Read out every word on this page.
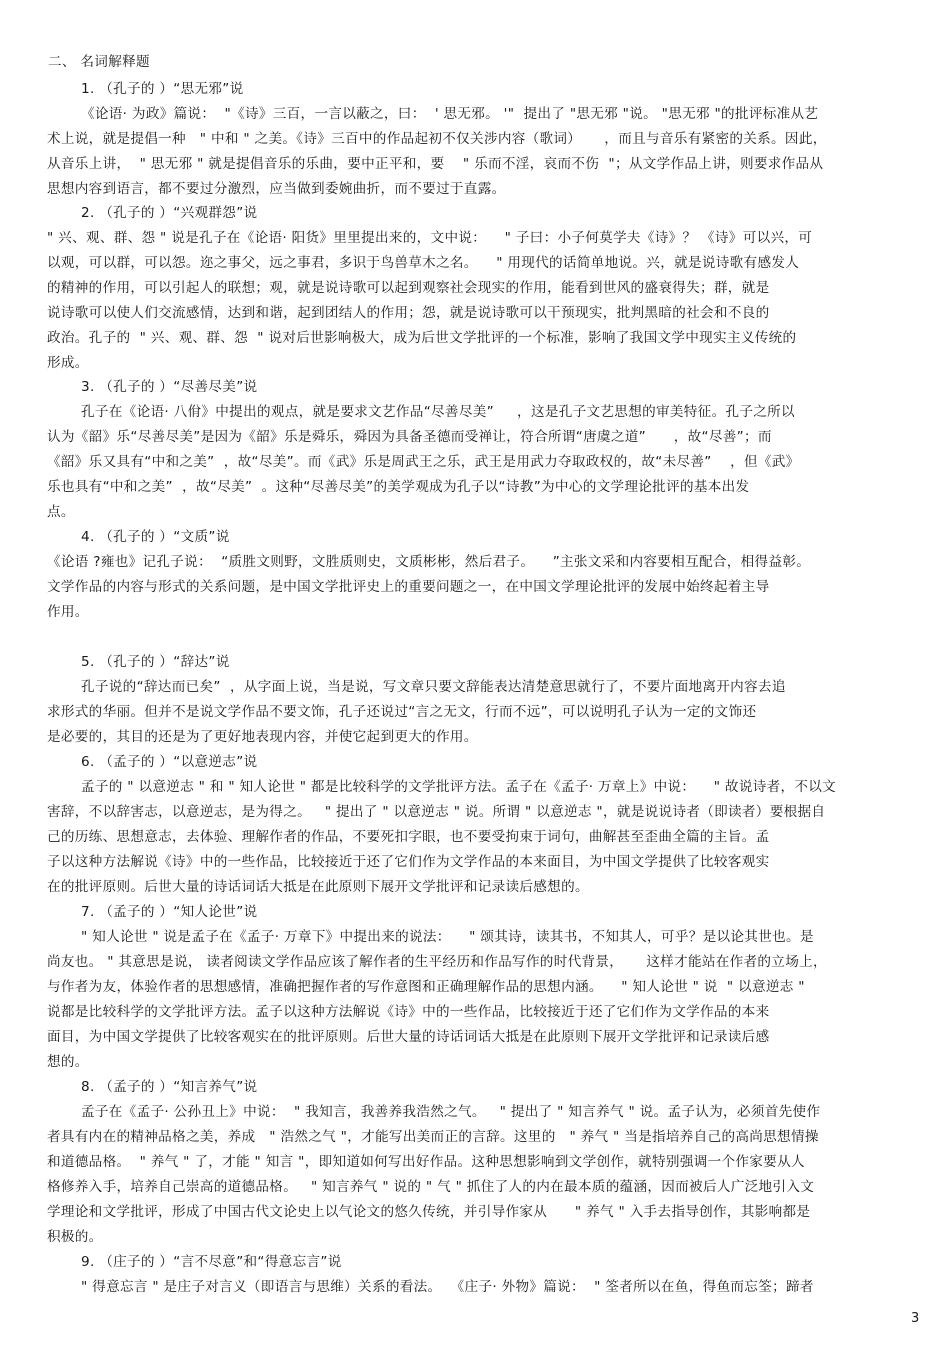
二、 名词解释题
1. （孔子的 ）“思无邪”说
《论语· 为政》篇说：  "《诗》三百，一言以蔽之，曰：  ' 思无邪。 '"  提出了 "思无邪 "说。 "思无邪 "的批评标准从艺
术上说，就是提倡一种   " 中和 " 之美。《诗》三百中的作品起初不仅关涉内容（歌词）     ，而且与音乐有紧密的关系。因此，
从音乐上讲，  " 思无邪 " 就是提倡音乐的乐曲，要中正平和，要    " 乐而不淫，哀而不伤  "；从文学作品上讲，则要求作品从
思想内容到语言，都不要过分激烈，应当做到委婉曲折，而不要过于直露。
2. （孔子的 ）“兴观群怨”说
" 兴、观、群、怨 " 说是孔子在《论语· 阳货》里里提出来的，文中说：    " 子曰：小子何莫学夫《诗》？ 《诗》可以兴，可
以观，可以群，可以怨。迩之事父，远之事君，多识于鸟兽草木之名。    " 用现代的话简单地说。兴，就是说诗歌有感发人
的精神的作用，可以引起人的联想；观，就是说诗歌可以起到观察社会现实的作用，能看到世风的盛衰得失；群，就是
说诗歌可以使人们交流感情，达到和谐，起到团结人的作用；怨，就是说诗歌可以干预现实，批判黑暗的社会和不良的
政治。孔子的  " 兴、观、群、怨  " 说对后世影响极大，成为后世文学批评的一个标准，影响了我国文学中现实主义传统的
形成。
3. （孔子的 ）“尽善尽美”说
孔子在《论语· 八佾》中提出的观点，就是要求文艺作品“尽善尽美”     ，这是孔子文艺思想的审美特征。孔子之所以
认为《韶》乐“尽善尽美”是因为《韶》乐是舜乐，舜因为具备圣德而受禅让，符合所谓“唐虞之道”      ，故“尽善”；而
《韶》乐又具有“中和之美”  ，故“尽美”。而《武》乐是周武王之乐，武王是用武力夺取政权的，故“未尽善”    ，但《武》
乐也具有“中和之美”  ，故“尽美”  。这种“尽善尽美”的美学观成为孔子以“诗教”为中心的文学理论批评的基本出发
点。
4. （孔子的 ）“文质”说
《论语 ?雍也》记孔子说：  “质胜文则野，文胜质则史，文质彬彬，然后君子。    ”主张文采和内容要相互配合，相得益彰。
文学作品的内容与形式的关系问题，是中国文学批评史上的重要问题之一，在中国文学理论批评的发展中始终起着主导
作用。
5. （孔子的 ）“辞达”说
孔子说的“辞达而已矣”  ，从字面上说，当是说，写文章只要文辞能表达清楚意思就行了，不要片面地离开内容去追
求形式的华丽。但并不是说文学作品不要文饰，孔子还说过“言之无文，行而不远”，可以说明孔子认为一定的文饰还
是必要的，其目的还是为了更好地表现内容，并使它起到更大的作用。
6. （孟子的 ）“以意逆志”说
孟子的 " 以意逆志 " 和 " 知人论世 " 都是比较科学的文学批评方法。孟子在《孟子· 万章上》中说：    " 故说诗者，不以文
害辞，不以辞害志，以意逆志，是为得之。   " 提出了 " 以意逆志 " 说。所谓 " 以意逆志 "，就是说说诗者（即读者）要根据自
己的历练、思想意志，去体验、理解作者的作品，不要死扣字眼，也不要受拘束于词句，曲解甚至歪曲全篇的主旨。孟
子以这种方法解说《诗》中的一些作品，比较接近于还了它们作为文学作品的本来面目，为中国文学提供了比较客观实
在的批评原则。后世大量的诗话词话大抵是在此原则下展开文学批评和记录读后感想的。
7. （孟子的 ）“知人论世”说
" 知人论世 " 说是孟子在《孟子· 万章下》中提出来的说法：    " 颂其诗，读其书，不知其人，可乎？是以论其世也。是
尚友也。 " 其意思是说， 读者阅读文学作品应该了解作者的生平经历和作品写作的时代背景，     这样才能站在作者的立场上，
与作者为友，体验作者的思想感情，准确把握作者的写作意图和正确理解作品的思想内涵。    " 知人论世 " 说  " 以意逆志 "
说都是比较科学的文学批评方法。孟子以这种方法解说《诗》中的一些作品，比较接近于还了它们作为文学作品的本来
面目，为中国文学提供了比较客观实在的批评原则。后世大量的诗话词话大抵是在此原则下展开文学批评和记录读后感
想的。
8. （孟子的 ）“知言养气”说
孟子在《孟子· 公孙丑上》中说：  " 我知言，我善养我浩然之气。   " 提出了 " 知言养气 " 说。孟子认为，必须首先使作
者具有内在的精神品格之美，养成   " 浩然之气 "，才能写出美而正的言辞。这里的   " 养气 " 当是指培养自己的高尚思想情操
和道德品格。  " 养气 " 了，才能 " 知言 "，即知道如何写出好作品。这种思想影响到文学创作，就特别强调一个作家要从人
格修养入手，培养自己崇高的道德品格。   " 知言养气 " 说的 " 气 " 抓住了人的内在最本质的蕴涵，因而被后人广泛地引入文
学理论和文学批评，形成了中国古代文论史上以气论文的悠久传统，并引导作家从      " 养气 " 入手去指导创作，其影响都是
积极的。
9. （庄子的 ）“言不尽意”和“得意忘言”说
" 得意忘言 " 是庄子对言义（即语言与思维）关系的看法。  《庄子· 外物》篇说：  " 筌者所以在鱼，得鱼而忘筌；蹄者
3
